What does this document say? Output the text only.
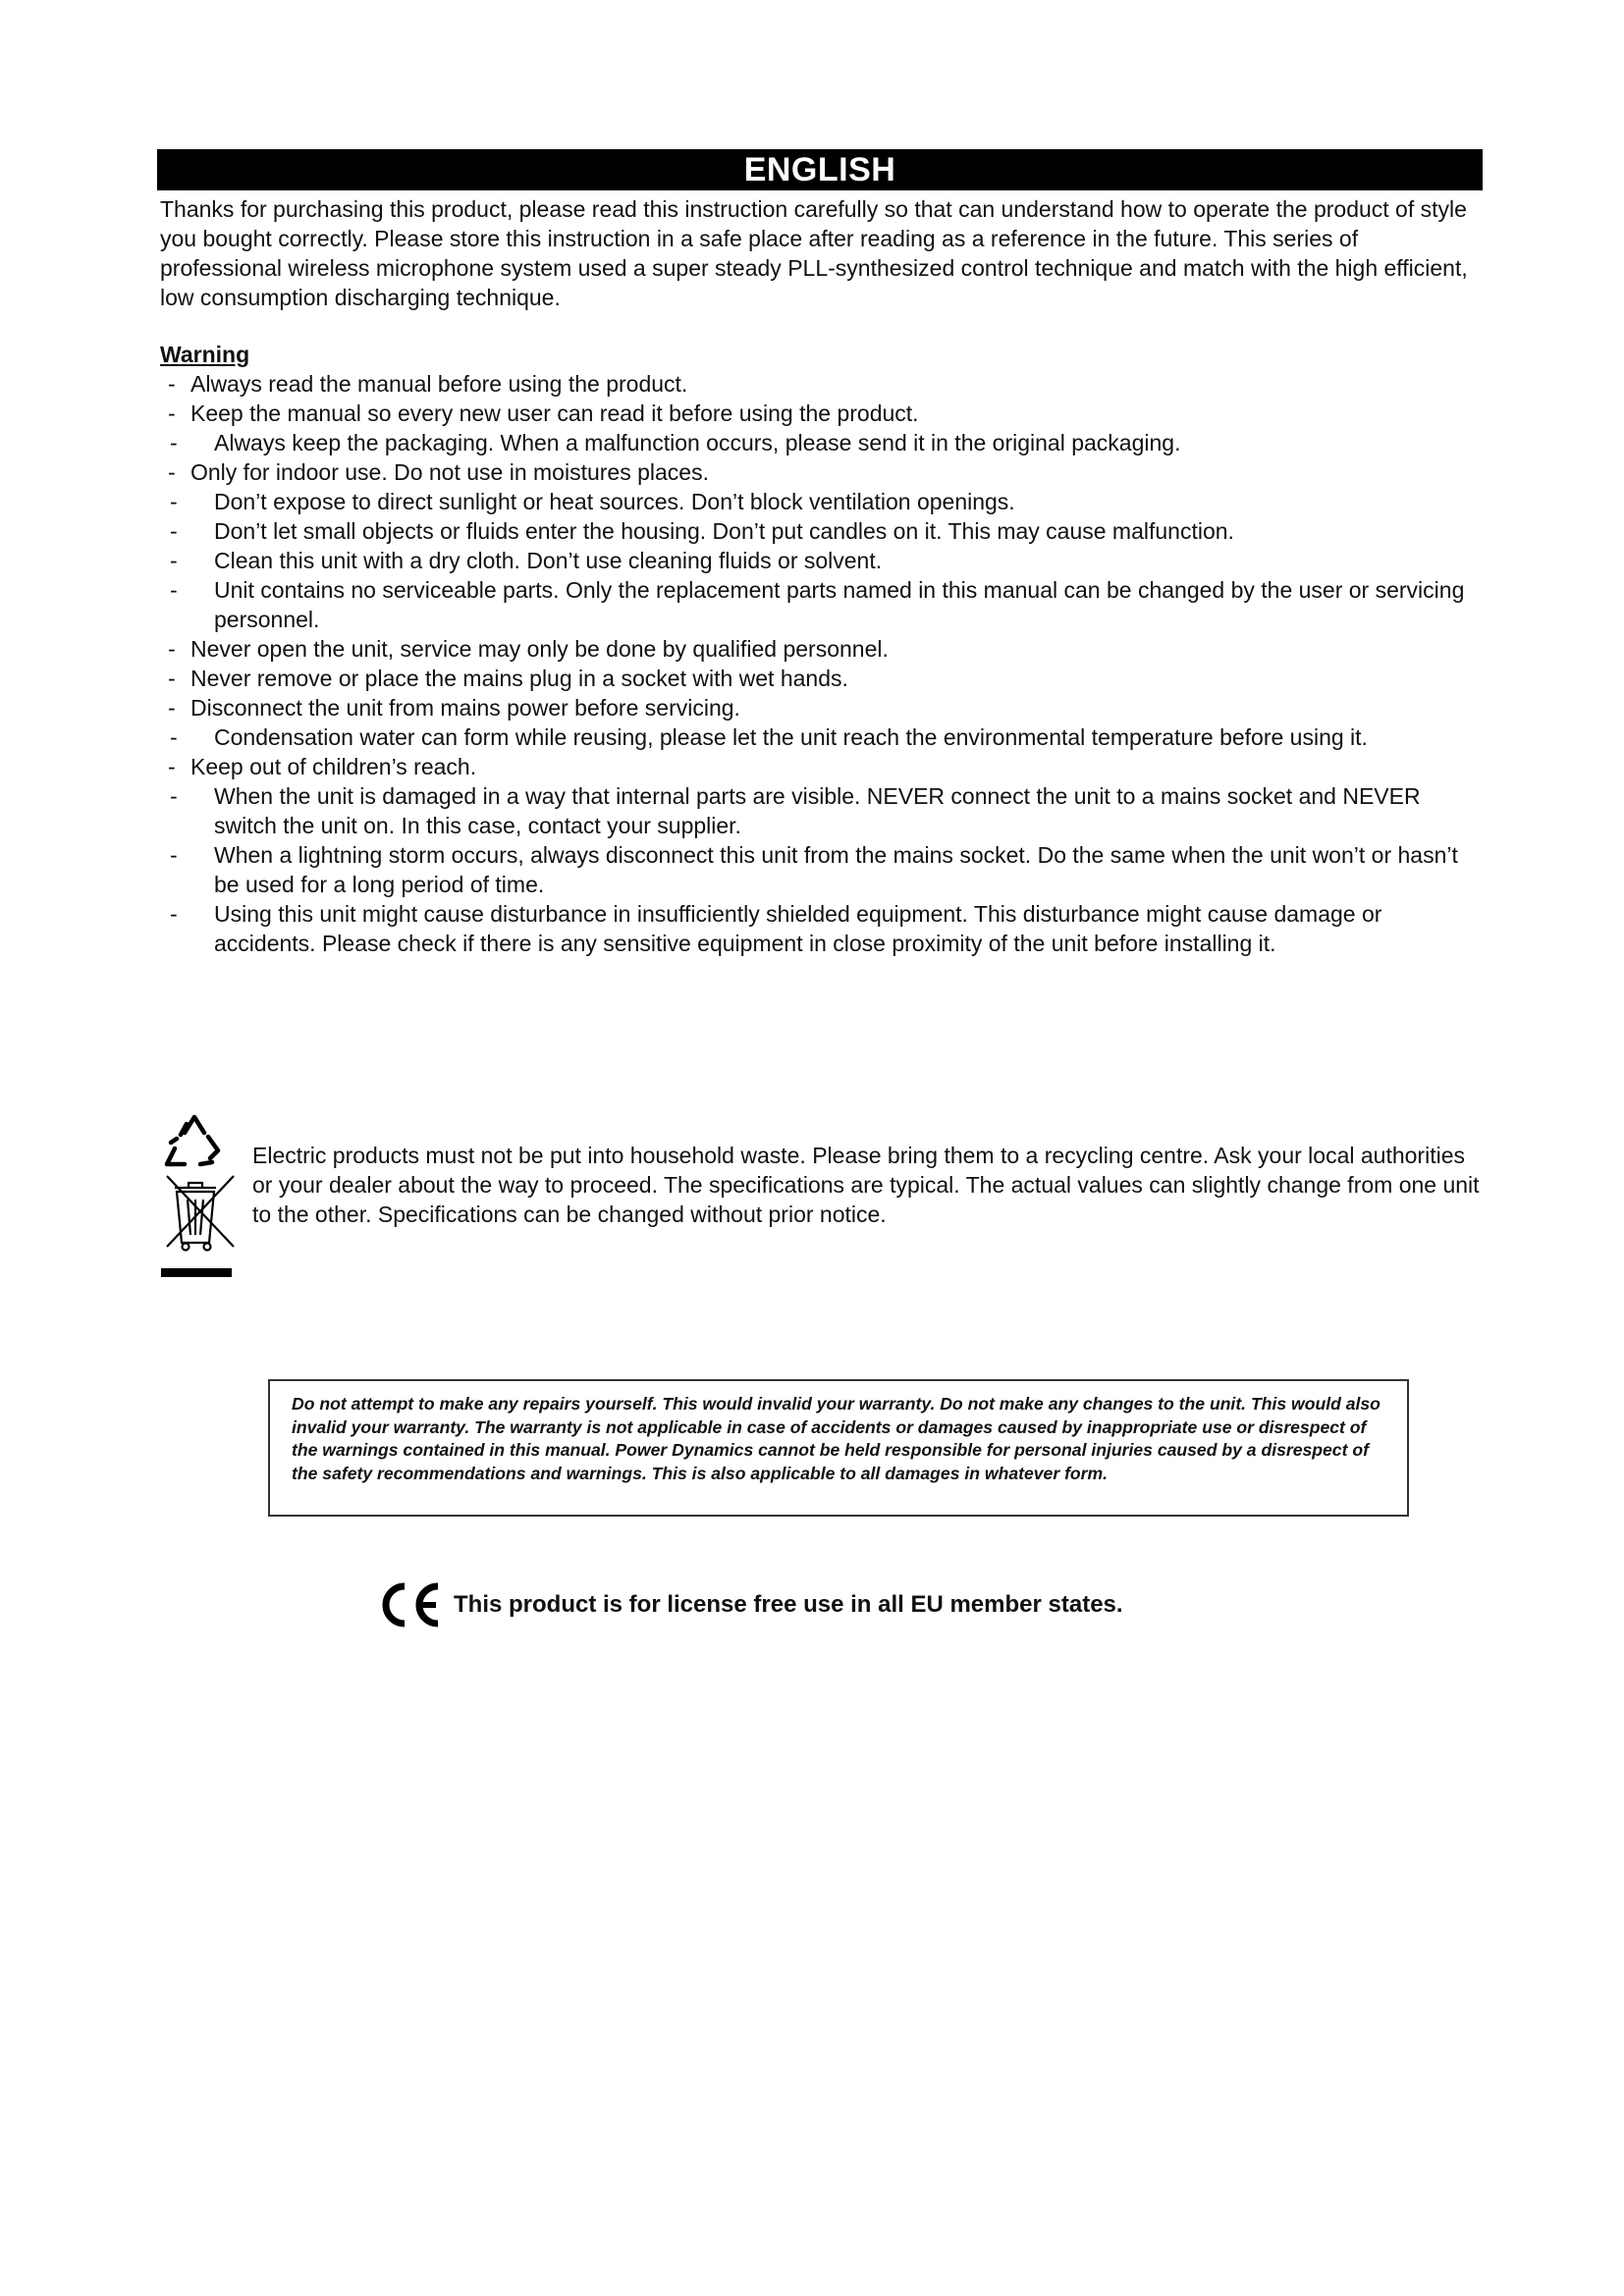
ENGLISH

Thanks for purchasing this product, please read this instruction carefully so that can understand how to operate the product of style you bought correctly. Please store this instruction in a safe place after reading as a reference in the future. This series of professional wireless microphone system used a super steady PLL-synthesized control technique and match with the high efficient, low consumption discharging technique.

Warning

- Always read the manual before using the product.
- Keep the manual so every new user can read it before using the product.
-	Always keep the packaging. When a malfunction occurs, please send it in the original packaging.
- Only for indoor use. Do not use in moistures places.
-	Don’t expose to direct sunlight or heat sources. Don’t block ventilation openings.
-	Don’t let small objects or fluids enter the housing. Don’t put candles on it. This may cause malfunction.
-	Clean this unit with a dry cloth. Don’t use cleaning fluids or solvent.
-	Unit contains no serviceable parts. Only the replacement parts named in this manual can be changed by the user or servicing personnel.
- Never open the unit, service may only be done by qualified personnel.
- Never remove or place the mains plug in a socket with wet hands.
- Disconnect the unit from mains power before servicing.
-	Condensation water can form while reusing, please let the unit reach the environmental temperature before using it.
- Keep out of children’s reach.
-	When the unit is damaged in a way that internal parts are visible. NEVER connect the unit to a mains socket and NEVER switch the unit on. In this case, contact your supplier.
-	When a lightning storm occurs, always disconnect this unit from the mains socket. Do the same when the unit won’t or hasn’t be used for a long period of time.
-	Using this unit might cause disturbance in insufficiently shielded equipment. This disturbance might cause damage or accidents. Please check if there is any sensitive equipment in close proximity of the unit before installing it.

Electric products must not be put into household waste. Please bring them to a recycling centre. Ask your local authorities or your dealer about the way to proceed. The specifications are typical. The actual values can slightly change from one unit to the other. Specifications can be changed without prior notice.

Do not attempt to make any repairs yourself. This would invalid your warranty. Do not make any changes to the unit. This would also invalid your warranty. The warranty is not applicable in case of accidents or damages caused by inappropriate use or disrespect of the warnings contained in this manual. Power Dynamics cannot be held responsible for personal injuries caused by a disrespect of the safety recommendations and warnings. This is also applicable to all damages in whatever form.

This product is for license free use in all EU member states.
